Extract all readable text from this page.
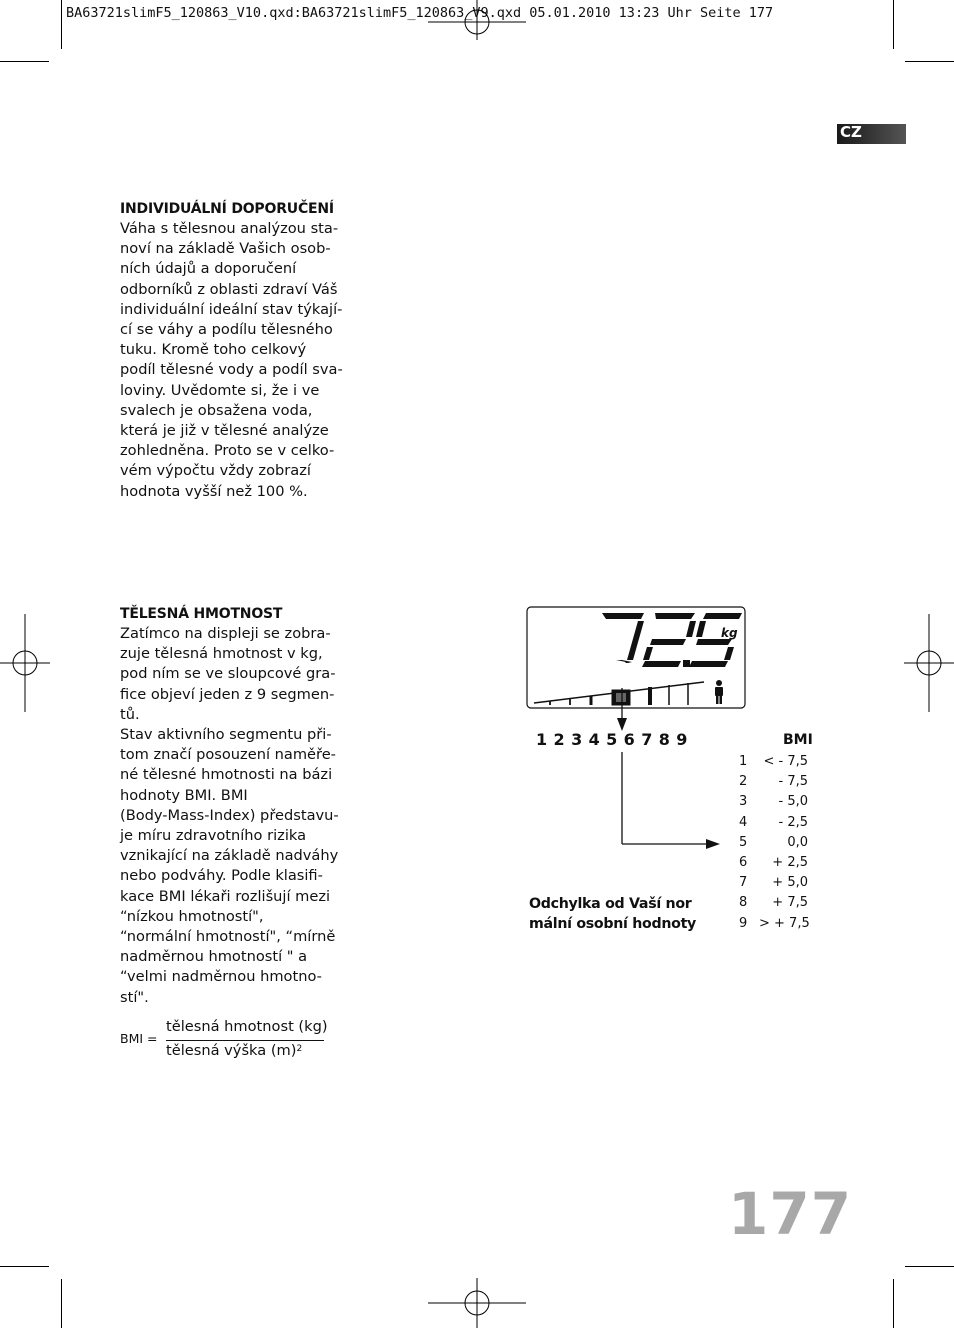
BA63721slimF5_120863_V10.qxd:BA63721slimF5_120863_V9.qxd 05.01.2010 13:23 Uhr Seite 177
CZ

INDIVIDUÁLNÍ DOPORUČENÍ

Váha s tělesnou analýzou sta-
noví na základě Vašich osob-
ních údajů a doporučení
odborníků z oblasti zdraví Váš
individuální ideální stav týkají-
cí se váhy a podílu tělesného
tuku. Kromě toho celkový
podíl tělesné vody a podíl sva-
loviny. Uvědomte si, že i ve
svalech je obsažena voda,
která je již v tělesné analýze
zohledněna. Proto se v celko-
vém výpočtu vždy zobrazí
hodnota vyšší než 100 %.

TĚLESNÁ HMOTNOST

Zatímco na displeji se zobra-
zuje tělesná hmotnost v kg,
pod ním se ve sloupcové gra-
fice objeví jeden z 9 segmen-
tů.
Stav aktivního segmentu při-
tom značí posouzení naměře-
né tělesné hmotnosti na bázi
hodnoty BMI. BMI
(Body-Mass-Index) představu-
je míru zdravotního rizika
vznikající na základě nadváhy
nebo podváhy. Podle klasifi-
kace BMI lékaři rozlišují mezi
“nízkou hmotností",
“normální hmotností", “mírně
nadměrnou hmotností " a
“velmi nadměrnou hmotno-
stí".

BMI =
tělesná hmotnost (kg)
tělesná výška $(m)^2$
kg
123456789	BMI
1	< - 7,5
2	- 7,5
3	- 5,0
4	- 2,5
5	0,0
6	+ 2,5
7	+ 5,0
8	+ 7,5
9 > + 7,5
Odchylka od Vaší nor
mální osobní hodnoty
177
